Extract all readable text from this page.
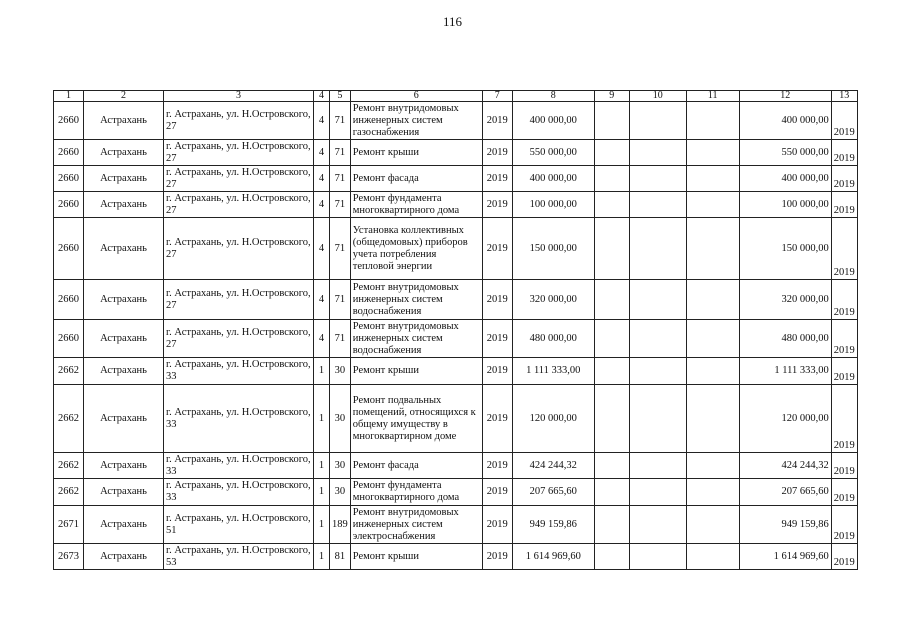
116
1	2	3	4	5	6	7	8	9	10	11	12	13
2660	Астрахань	г. Астрахань, ул. Н.Островского, 27	4	71	Ремонт внутридомовых инженерных систем газоснабжения	2019	400 000,00				400 000,00	2019
2660	Астрахань	г. Астрахань, ул. Н.Островского, 27	4	71	Ремонт крыши	2019	550 000,00				550 000,00	2019
2660	Астрахань	г. Астрахань, ул. Н.Островского, 27	4	71	Ремонт фасада	2019	400 000,00				400 000,00	2019
2660	Астрахань	г. Астрахань, ул. Н.Островского, 27	4	71	Ремонт фундамента многоквартирного дома	2019	100 000,00				100 000,00	2019
2660	Астрахань	г. Астрахань, ул. Н.Островского, 27	4	71	Установка коллективных (общедомовых) приборов учета потребления тепловой энергии	2019	150 000,00				150 000,00	2019
2660	Астрахань	г. Астрахань, ул. Н.Островского, 27	4	71	Ремонт внутридомовых инженерных систем водоснабжения	2019	320 000,00				320 000,00	2019
2660	Астрахань	г. Астрахань, ул. Н.Островского, 27	4	71	Ремонт внутридомовых инженерных систем водоснабжения	2019	480 000,00				480 000,00	2019
2662	Астрахань	г. Астрахань, ул. Н.Островского, 33	1	30	Ремонт крыши	2019	1 111 333,00				1 111 333,00	2019
2662	Астрахань	г. Астрахань, ул. Н.Островского, 33	1	30	Ремонт подвальных помещений, относящихся к общему имуществу в многоквартирном доме	2019	120 000,00				120 000,00	2019
2662	Астрахань	г. Астрахань, ул. Н.Островского, 33	1	30	Ремонт фасада	2019	424 244,32				424 244,32	2019
2662	Астрахань	г. Астрахань, ул. Н.Островского, 33	1	30	Ремонт фундамента многоквартирного дома	2019	207 665,60				207 665,60	2019
2671	Астрахань	г. Астрахань, ул. Н.Островского, 51	1	189	Ремонт внутридомовых инженерных систем электроснабжения	2019	949 159,86				949 159,86	2019
2673	Астрахань	г. Астрахань, ул. Н.Островского, 53	1	81	Ремонт крыши	2019	1 614 969,60				1 614 969,60	2019
